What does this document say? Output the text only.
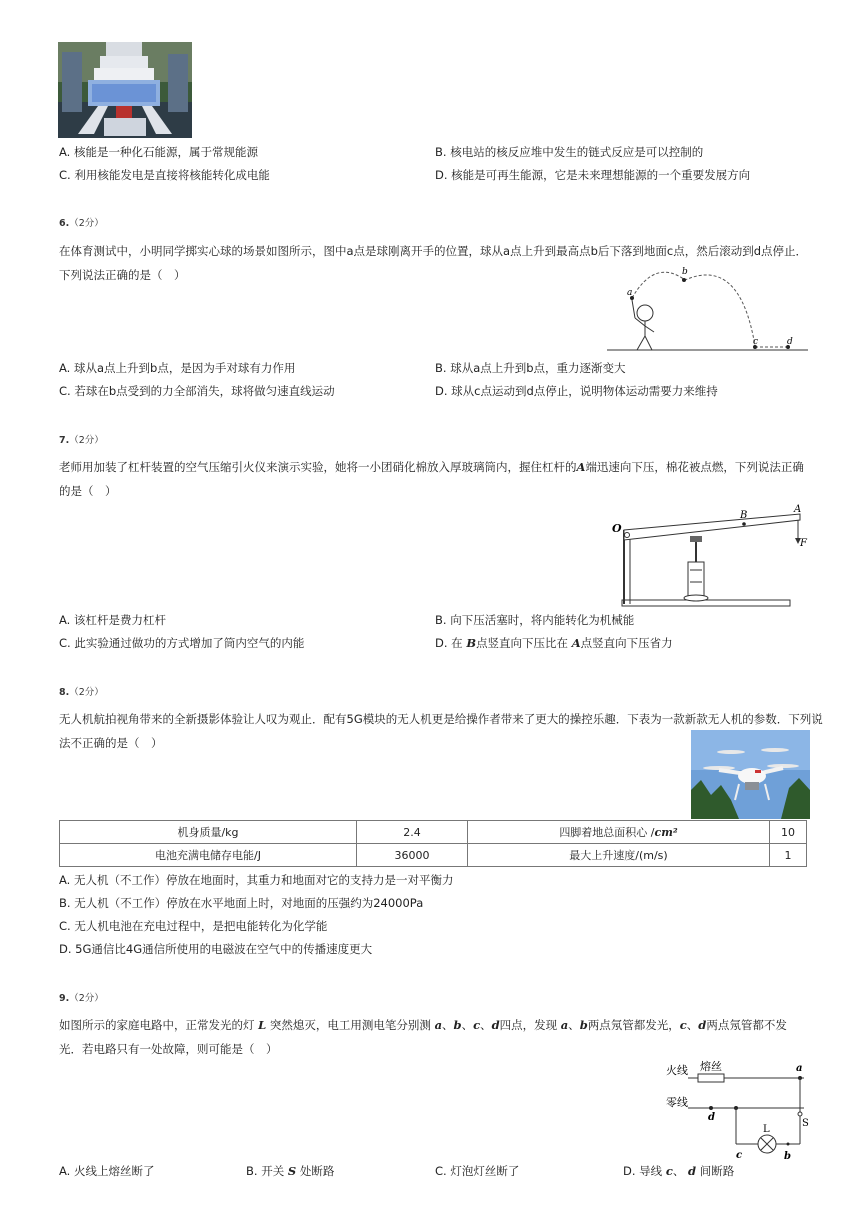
A. 核能是一种化石能源，属于常规能源	B. 核电站的核反应堆中发生的链式反应是可以控制的
C. 利用核能发电是直接将核能转化成电能	D. 核能是可再生能源，它是未来理想能源的一个重要发展方向
6.（2分）
在体育测试中，小明同学掷实心球的场景如图所示，图中a点是球刚离开手的位置，球从a点上升到最高点b后下落到地面c点，然后滚动到d点停止．
下列说法正确的是（　）
a
b
c	d
A. 球从a点上升到b点，是因为手对球有力作用	B. 球从a点上升到b点，重力逐渐变大
C. 若球在b点受到的力全部消失，球将做匀速直线运动	D. 球从c点运动到d点停止，说明物体运动需要力来维持
7.（2分）
老师用加装了杠杆装置的空气压缩引火仪来演示实验，她将一小团硝化棉放入厚玻璃筒内，握住杠杆的A端迅速向下压，棉花被点燃，下列说法正确
的是（　）
O
B
A
F
A. 该杠杆是费力杠杆	B. 向下压活塞时，将内能转化为机械能
C. 此实验通过做功的方式增加了筒内空气的内能	D. 在 B点竖直向下压比在 A点竖直向下压省力
8.（2分）
无人机航拍视角带来的全新摄影体验让人叹为观止．配有5G模块的无人机更是给操作者带来了更大的操控乐趣．下表为一款新款无人机的参数．下列说
法不正确的是（　）
机身质量/kg	2.4	四脚着地总面积心 /cm²	10
电池充满电储存电能/J	36000	最大上升速度/(m/s)	1
A. 无人机（不工作）停放在地面时，其重力和地面对它的支持力是一对平衡力
B. 无人机（不工作）停放在水平地面上时，对地面的压强约为24000Pa
C. 无人机电池在充电过程中，是把电能转化为化学能
D. 5G通信比4G通信所使用的电磁波在空气中的传播速度更大
9.（2分）
如图所示的家庭电路中，正常发光的灯 L 突然熄灭，电工用测电笔分别测 a、b、c、d四点，发现 a、b两点氖管都发光，c、d两点氖管都不发
光．若电路只有一处故障，则可能是（　）
火线 熔丝
零线
a
d
c	b
S
L
A. 火线上熔丝断了	B. 开关 S 处断路	C. 灯泡灯丝断了	D. 导线 c、 d 间断路
